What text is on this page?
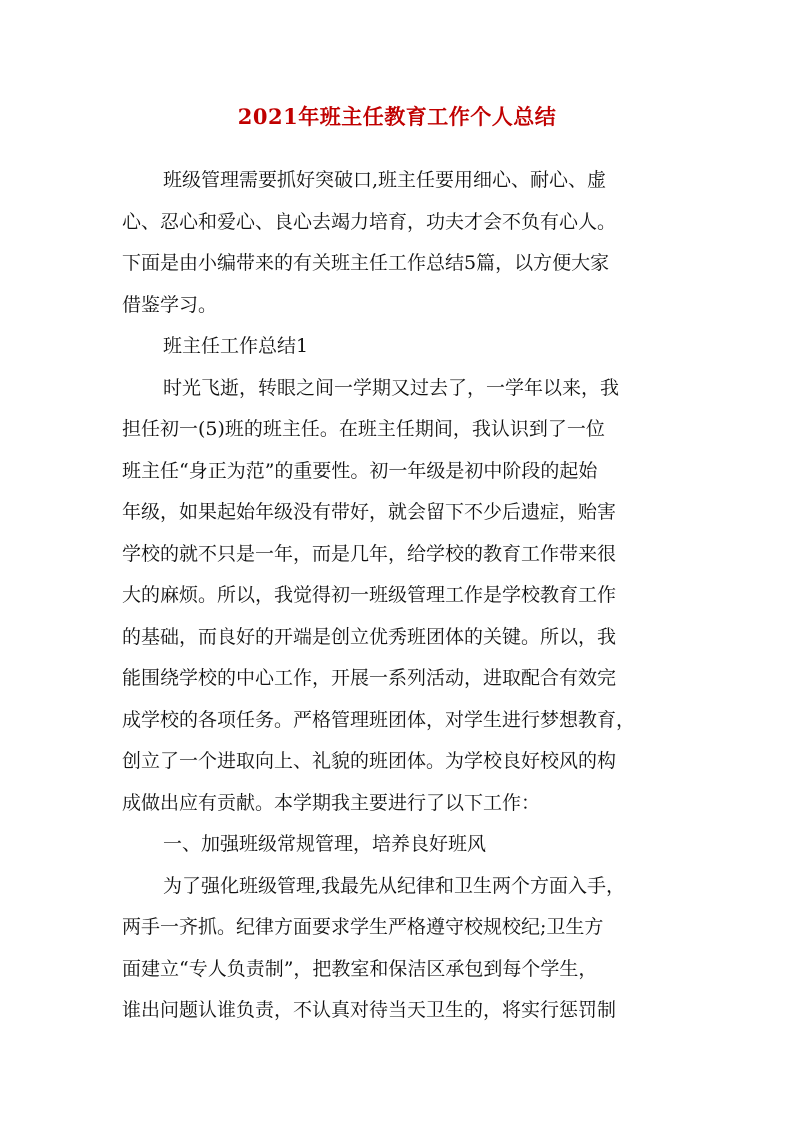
2021年班主任教育工作个人总结
班级管理需要抓好突破口,班主任要用细心、耐心、虚
心、忍心和爱心、良心去竭力培育，功夫才会不负有心人。
下面是由小编带来的有关班主任工作总结5篇，以方便大家
借鉴学习。
班主任工作总结1
时光飞逝，转眼之间一学期又过去了，一学年以来，我
担任初一(5)班的班主任。在班主任期间，我认识到了一位
班主任“身正为范”的重要性。初一年级是初中阶段的起始
年级，如果起始年级没有带好，就会留下不少后遗症，贻害
学校的就不只是一年，而是几年，给学校的教育工作带来很
大的麻烦。所以，我觉得初一班级管理工作是学校教育工作
的基础，而良好的开端是创立优秀班团体的关键。所以，我
能围绕学校的中心工作，开展一系列活动，进取配合有效完
成学校的各项任务。严格管理班团体，对学生进行梦想教育，
创立了一个进取向上、礼貌的班团体。为学校良好校风的构
成做出应有贡献。本学期我主要进行了以下工作：
一、加强班级常规管理，培养良好班风
为了强化班级管理,我最先从纪律和卫生两个方面入手，
两手一齐抓。纪律方面要求学生严格遵守校规校纪;卫生方
面建立“专人负责制”，把教室和保洁区承包到每个学生，
谁出问题认谁负责，不认真对待当天卫生的，将实行惩罚制
